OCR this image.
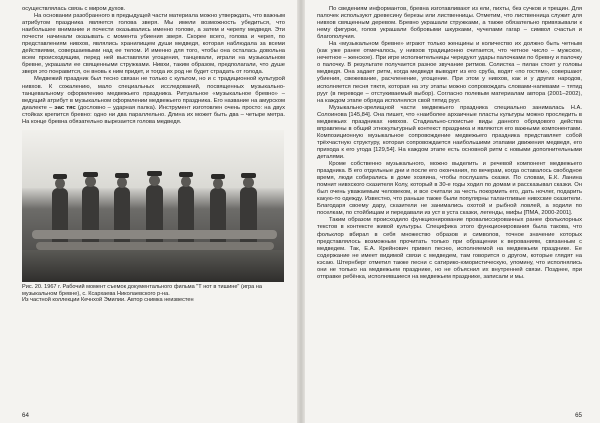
осуществлялась связь с миром духов.

На основании разобранного в предыдущей части материала можно утверждать, что важным атрибутом праздника является голова зверя. Мы имели возможность убедиться, что наибольшее внимание и почести оказывались именно голове, а затем и черепу медведя. Эти почести начинали оказывать с момента убиения зверя. Скорее всего, голова и череп, по представлениям нивхов, являлись хранилищем души медведя, которая наблюдала за всеми действиями, совершаемыми над ее телом. И именно для того, чтобы она осталась довольна всем происходящим, перед ней выставляли угощения, танцевали, играли на музыкальном бревне, украшали ее священными стружками. Нивхи, таким образом, предполагали, что душе зверя это понравится, он вновь к ним придет, и тогда их род не будет страдать от голода.

Медвежий праздник был тесно связан не только с культом, но и с традиционной культурой нивхов. К сожалению, мало специальных исследований, посвященных музыкально-танцевальному оформлению медвежьего праздника. Ритуальное «музыкальное бревно» – ведущий атрибут в музыкальном оформлении медвежьего праздника. Его название на амурском диалекте – эас тяс (дословно – ударная палка). Инструмент изготовлен очень просто: на двух стойках крепится бревно: одно ни два параллельно. Длина их может быть два – четыре метра. На конце бревна обязательно вырезается голова медведя.

Рис. 20. 1967 г. Рабочий момент съемок документального фильма "Т нот в тишине" (игра на музыкальном бревне), с. Ксархаева Николаевского р-на.
Из частной коллекции Кечнхой Эмилии. Автор снимка неизвестен
64

По сведениям информантов, бревна изготавливают из ели, пихты, без сучков и трещин. Для палочек используют древесину березы или лиственницы. Отметим, что лиственница служит для нивхов священным деревом. Бревно украшали стружками, а также обязательно привязывали к нему фигурки, голов украшали бобровыми шкурками, чучелами гагар – символ счастья и благополучия.

На «музыкальном бревне» играют только женщины и количество их должно быть четным (как уже ранее отмечалось, у нивхов традиционно считается, что четное число – мужское, нечетное – женское). При игре исполнительницы чередуют удары палочками по бревну и палочку о палочку. В результате получается разное звучание ритмов. Солистка – пилан стоит у головы медведя. Она задает ритм, когда медведя выводят из его сруба, водят «по гостям», совершают убиения, свежевание, расчленение, угощение. При этом у нивхов, как и у других народов, исполняется песня тяктя, которая на эту этапы можно сопровождать словами-напевами – тятид рууг (в переводе – отстукиваемый выбор). Согласно полевым материалам автора (2001–2002), на каждом этапе обряда исполнялся свой тятид рууг.

Музыкально-зрелищной части медвежьего праздника специально занималась Н.А. Солоинова [145,84]. Она пишет, что «наиболее архаичные пласты культуры можно проследить в медвежьих праздниках нивхов. Стадиально-слоистые виды данного обрядового действа вправлены в общий этнокультурный контекст праздника и являются его важными компонентами. Композиционную музыкальное сопровождение медвежьего праздника представляет собой трёхчастную структуру, которая сопровождается наибольшими этапами движения медведя, его прихода к его угода [129,54]. На каждом этапе есть основной ритм с новыми дополнительными деталями.

Кроме собственно музыкального, можно выделить и речевой компонент медвежьего праздника. В его отдельные дни и после его окончания, по вечерам, когда оставалось свободное время, люди собирались в доме хозяина, чтобы послушать сказки. По словам, Е.К. Ланина помнит нивхского сказителя Колу, который в 30-е годы ходил по домам и рассказывал сказки. Он был очень уважаемым человеком, и все считали за честь покормить его, дать ночлег, подарить какую-то одежду. Известно, что раньше также были популярны талантливые нивхские сказители. Благодаря своему дару, сказители не занимались охотой и рыбной ловлей, а ходили по поселкам, по стойбищам и передавали из уст в уста сказки, легенды, мифы [ПМА, 2000-2001].

Таким образом происходило функционирование провалиссированных ранее фольклорных текстов в контексте живой культуры. Специфика этого функционирования была такова, что фольклор вбирал в себя множество образов и символов, точное значение которых представлялось возможным прочитать только при обращении к верованиям, связанным с медведем. Так, Е.А. Крейнович привел песню, исполняемой на медвежьем празднике. Ее содержание не имеет видимой связи с медведем, там говорится о другом, которые глядят на кэсаю. Штернберг отметил также песни с сатирико-юмористическую, упомину, что исполнялись они не только на медвежьем празднике, но не объяснил их внутренней связи. Позднее, при отправке ребёнка, исполнявшиеся на медвежьем празднике, записали и мы.

65
